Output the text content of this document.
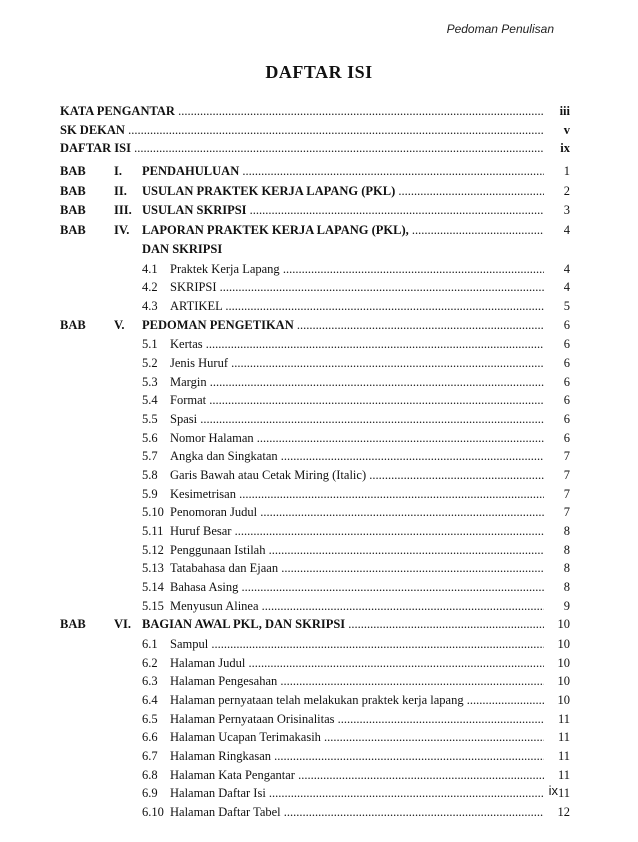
Pedoman Penulisan
DAFTAR ISI
KATA PENGANTAR .....	iii
SK DEKAN .....	v
DAFTAR ISI .....	ix
BAB I. PENDAHULUAN .....	1
BAB II. USULAN PRAKTEK KERJA LAPANG (PKL) .....	2
BAB III. USULAN SKRIPSI .....	3
BAB IV. LAPORAN PRAKTEK KERJA LAPANG (PKL), .....	4
DAN SKRIPSI
4.1 Praktek Kerja Lapang .....	4
4.2 SKRIPSI .....	4
4.3 ARTIKEL .....	5
BAB V. PEDOMAN PENGETIKAN .....	6
5.1 Kertas .....	6
5.2 Jenis Huruf .....	6
5.3 Margin .....	6
5.4 Format .....	6
5.5 Spasi .....	6
5.6 Nomor Halaman .....	6
5.7 Angka dan Singkatan .....	7
5.8 Garis Bawah atau Cetak Miring (Italic) .....	7
5.9 Kesimetrisan .....	7
5.10 Penomoran Judul .....	7
5.11 Huruf Besar .....	8
5.12 Penggunaan Istilah .....	8
5.13 Tatabahasa dan Ejaan .....	8
5.14 Bahasa Asing .....	8
5.15 Menyusun Alinea .....	9
BAB VI. BAGIAN AWAL PKL, DAN SKRIPSI .....	10
6.1 Sampul .....	10
6.2 Halaman Judul .....	10
6.3 Halaman Pengesahan .....	10
6.4 Halaman pernyataan telah melakukan praktek kerja lapang .....	10
6.5 Halaman Pernyataan Orisinalitas .....	11
6.6 Halaman Ucapan Terimakasih .....	11
6.7 Halaman Ringkasan .....	11
6.8 Halaman Kata Pengantar .....	11
6.9 Halaman Daftar Isi .....	11
6.10 Halaman Daftar Tabel .....	12
ix
